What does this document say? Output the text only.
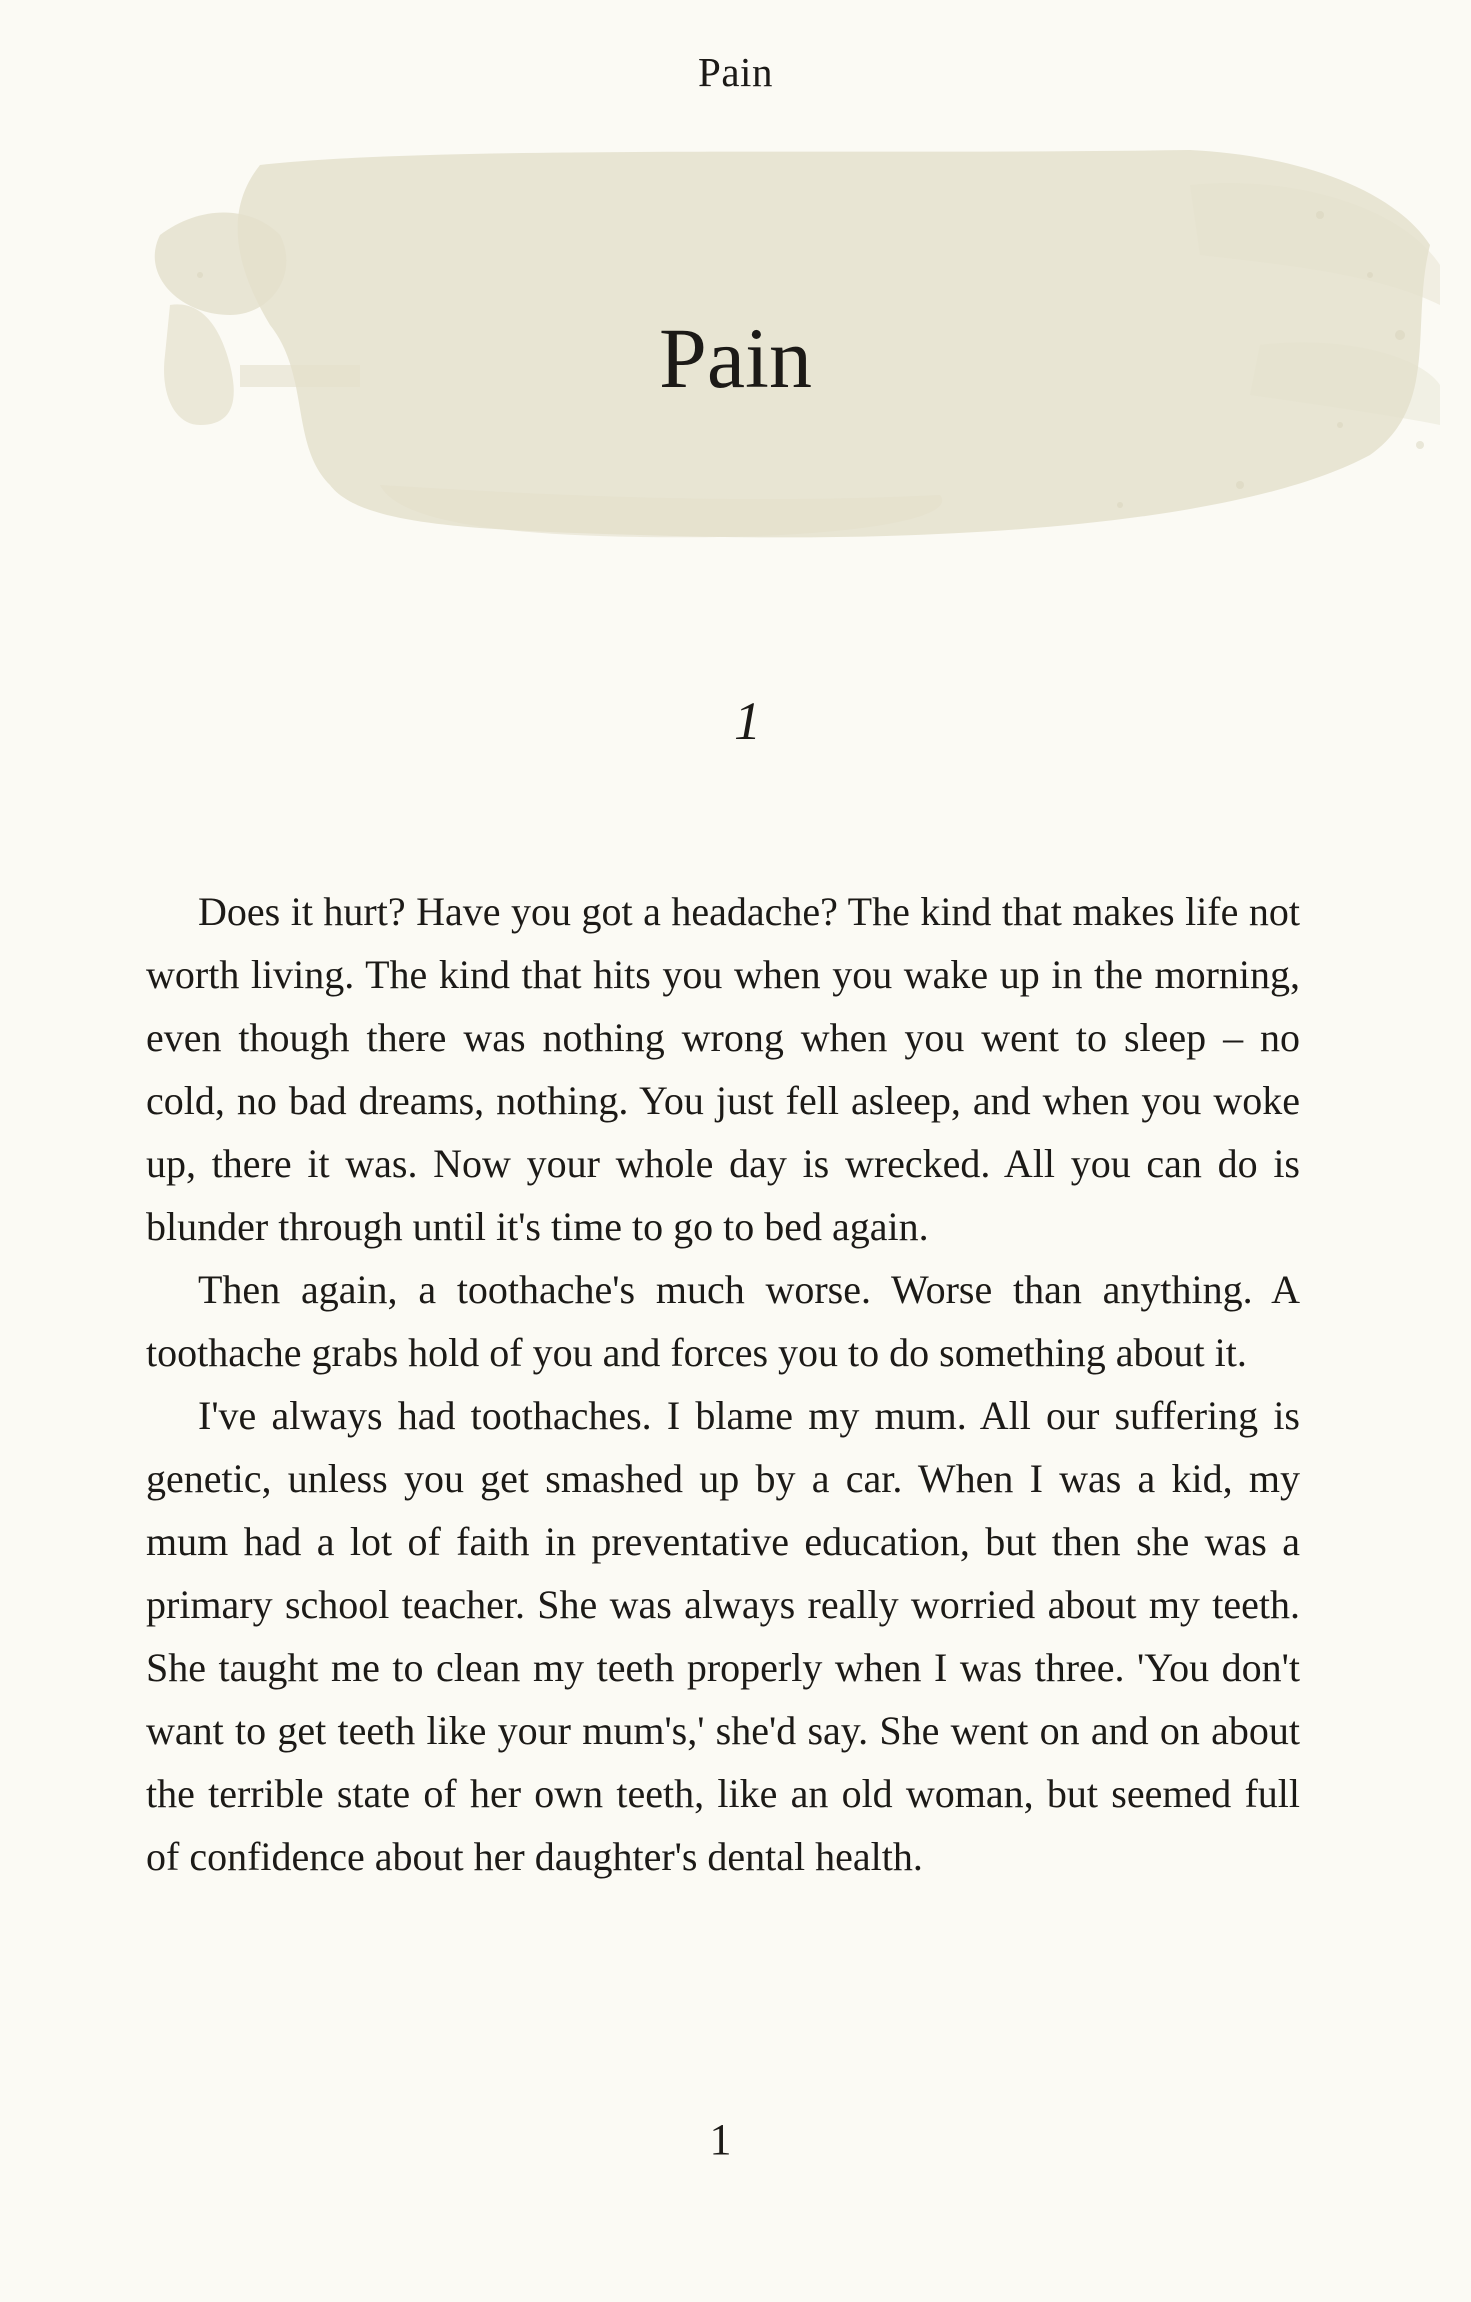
Pain
Pain
1

Does it hurt? Have you got a headache? The kind that makes life not worth living. The kind that hits you when you wake up in the morning, even though there was nothing wrong when you went to sleep – no cold, no bad dreams, nothing. You just fell asleep, and when you woke up, there it was. Now your whole day is wrecked. All you can do is blunder through until it's time to go to bed again.

Then again, a toothache's much worse. Worse than anything. A toothache grabs hold of you and forces you to do something about it.

I've always had toothaches. I blame my mum. All our suffering is genetic, unless you get smashed up by a car. When I was a kid, my mum had a lot of faith in preventative education, but then she was a primary school teacher. She was always really worried about my teeth. She taught me to clean my teeth properly when I was three. 'You don't want to get teeth like your mum's,' she'd say. She went on and on about the terrible state of her own teeth, like an old woman, but seemed full of confidence about her daughter's dental health.

1
